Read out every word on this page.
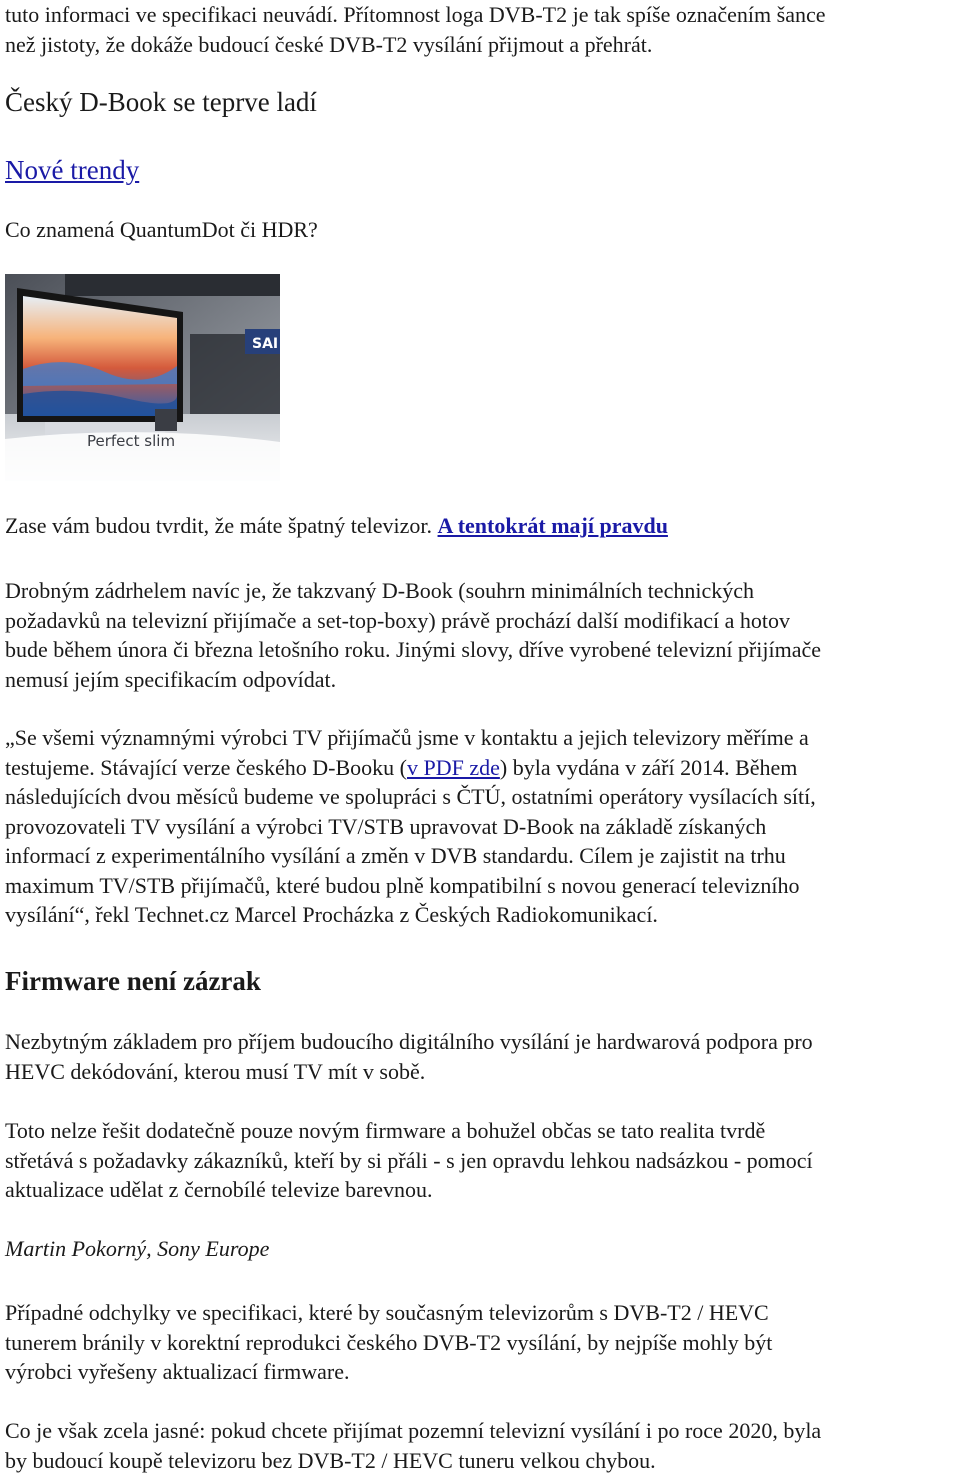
tuto informaci ve specifikaci neuvádí. Přítomnost loga DVB-T2 je tak spíše označením šance
než jistoty, že dokáže budoucí české DVB-T2 vysílání přijmout a přehrát.

Český D-Book se teprve ladí
Nové trendy
Co znamená QuantumDot či HDR?
SAI
Perfect slim

Zase vám budou tvrdit, že máte špatný televizor. A tentokrát mají pravdu

Drobným zádrhelem navíc je, že takzvaný D-Book (souhrn minimálních technických
požadavků na televizní přijímače a set-top-boxy) právě prochází další modifikací a hotov
bude během února či března letošního roku. Jinými slovy, dříve vyrobené televizní přijímače
nemusí jejím specifikacím odpovídat.

„Se všemi významnými výrobci TV přijímačů jsme v kontaktu a jejich televizory měříme a
testujeme. Stávající verze českého D-Booku (v PDF zde) byla vydána v září 2014. Během
následujících dvou měsíců budeme ve spolupráci s ČTÚ, ostatními operátory vysílacích sítí,
provozovateli TV vysílání a výrobci TV/STB upravovat D-Book na základě získaných
informací z experimentálního vysílání a změn v DVB standardu. Cílem je zajistit na trhu
maximum TV/STB přijímačů, které budou plně kompatibilní s novou generací televizního
vysílání“, řekl Technet.cz Marcel Procházka z Českých Radiokomunikací.

Firmware není zázrak

Nezbytným základem pro příjem budoucího digitálního vysílání je hardwarová podpora pro
HEVC dekódování, kterou musí TV mít v sobě.

Toto nelze řešit dodatečně pouze novým firmware a bohužel občas se tato realita tvrdě
střetává s požadavky zákazníků, kteří by si přáli - s jen opravdu lehkou nadsázkou - pomocí
aktualizace udělat z černobílé televize barevnou.

Martin Pokorný, Sony Europe

Případné odchylky ve specifikaci, které by současným televizorům s DVB-T2 / HEVC
tunerem bránily v korektní reprodukci českého DVB-T2 vysílání, by nejpíše mohly být
výrobci vyřešeny aktualizací firmware.

Co je však zcela jasné: pokud chcete přijímat pozemní televizní vysílání i po roce 2020, byla
by budoucí koupě televizoru bez DVB-T2 / HEVC tuneru velkou chybou.
